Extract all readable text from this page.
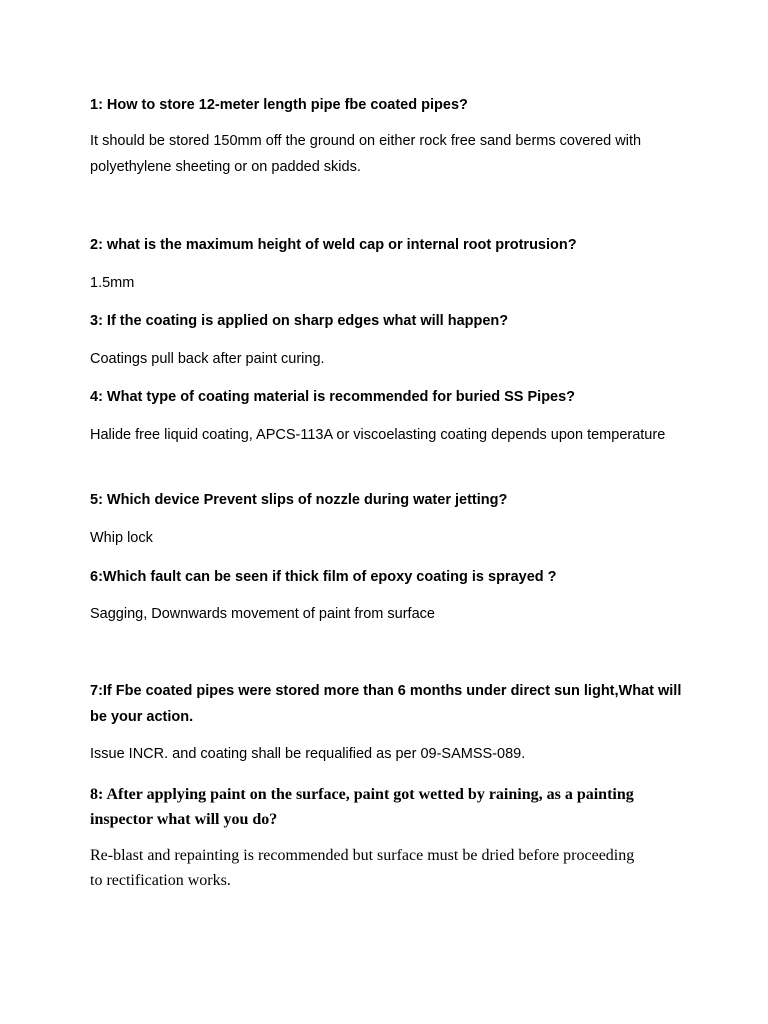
1: How to store 12-meter length pipe fbe coated pipes?

It should be stored 150mm off the ground on either rock free sand berms covered with polyethylene sheeting or on padded skids.

2: what is the maximum height of weld cap or internal root protrusion?

1.5mm

3: If the coating is applied on sharp edges what will happen?

Coatings pull back after paint curing.

4: What type of coating material is recommended for buried SS Pipes?

Halide free liquid coating, APCS-113A or viscoelasting coating depends upon temperature

5: Which device Prevent slips of nozzle during water jetting?

Whip lock

6:Which fault can be seen if thick film of epoxy coating is sprayed ?

Sagging, Downwards movement of paint from surface

7:If Fbe coated pipes were stored more than 6 months under direct sun light,What will be your action.

Issue INCR. and coating shall be requalified as per 09-SAMSS-089.

8: After applying paint on the surface, paint got wetted by raining, as a painting inspector what will you do?

Re-blast and repainting is recommended but surface must be dried before proceeding to rectification works.
